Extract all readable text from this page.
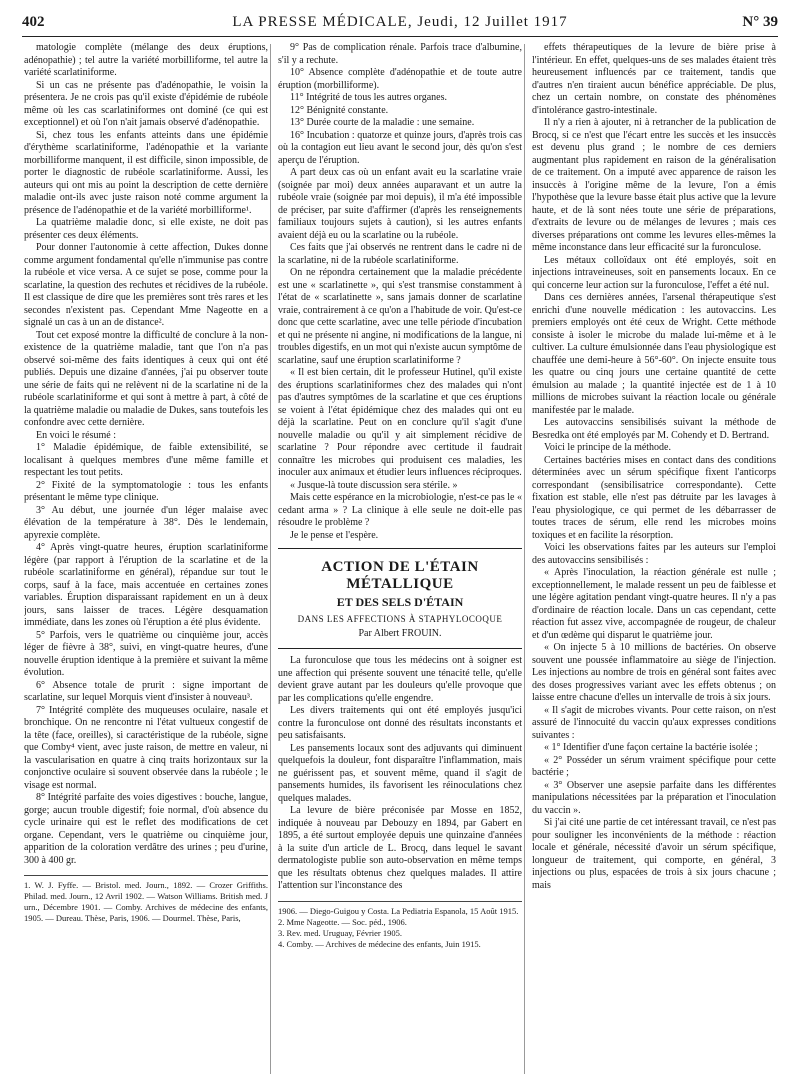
402	LA PRESSE MÉDICALE, Jeudi, 12 Juillet 1917	N° 39

matologie complète (mélange des deux éruptions, adénopathie) ; tel autre la variété morbilliforme, tel autre la variété scarlatiniforme.

Si un cas ne présente pas d'adénopathie, le voisin la présentera. Je ne crois pas qu'il existe d'épidémie de rubéole même où les cas scarlatiniformes ont dominé (ce qui est exceptionnel) et où l'on n'ait jamais observé d'adénopathie.

Si, chez tous les enfants atteints dans une épidémie d'érythème scarlatiniforme, l'adénopathie et la variante morbilliforme manquent, il est difficile, sinon impossible, de porter le diagnostic de rubéole scarlatiniforme. Aussi, les auteurs qui ont mis au point la description de cette dernière maladie ont-ils avec juste raison noté comme argument la présence de l'adénopathie et de la variété morbilliforme¹.

La quatrième maladie donc, si elle existe, ne doit pas présenter ces deux éléments.

Pour donner l'autonomie à cette affection, Dukes donne comme argument fondamental qu'elle n'immunise pas contre la rubéole et vice versa. A ce sujet se pose, comme pour la scarlatine, la question des rechutes et récidives de la rubéole. Il est classique de dire que les premières sont très rares et les secondes n'existent pas. Cependant Mme Nageotte en a signalé un cas à un an de distance².

Tout cet exposé montre la difficulté de conclure à la non-existence de la quatrième maladie, tant que l'on n'a pas observé soi-même des faits identiques à ceux qui ont été publiés. Depuis une dizaine d'années, j'ai pu observer toute une série de faits qui ne relèvent ni de la scarlatine ni de la rubéole scarlatiniforme et qui sont à mettre à part, à côté de la quatrième maladie ou maladie de Dukes, sans toutefois les confondre avec cette dernière.

En voici le résumé :

1° Maladie épidémique, de faible extensibilité, se localisant à quelques membres d'une même famille et respectant les tout petits.

2° Fixité de la symptomatologie : tous les enfants présentant le même type clinique.

3° Au début, une journée d'un léger malaise avec élévation de la température à 38°. Dès le lendemain, apyrexie complète.

4° Après vingt-quatre heures, éruption scarlatiniforme légère (par rapport à l'éruption de la scarlatine et de la rubéole scarlatiniforme en général), répandue sur tout le corps, sauf à la face, mais accentuée en certaines zones variables. Éruption disparaissant rapidement en un à deux jours, sans laisser de traces. Légère desquamation immédiate, dans les zones où l'éruption a été plus évidente.

5° Parfois, vers le quatrième ou cinquième jour, accès léger de fièvre à 38°, suivi, en vingt-quatre heures, d'une nouvelle éruption identique à la première et suivant la même évolution.

6° Absence totale de prurit : signe important de scarlatine, sur lequel Morquis vient d'insister à nouveau³.

7° Intégrité complète des muqueuses oculaire, nasale et bronchique. On ne rencontre ni l'état vultueux congestif de la tête (face, oreilles), si caractéristique de la rubéole, signe que Comby⁴ vient, avec juste raison, de mettre en valeur, ni la vascularisation en quatre à cinq traits horizontaux sur la conjonctive oculaire si souvent observée dans la rubéole ; le visage est normal.

8° Intégrité parfaite des voies digestives : bouche, langue, gorge; aucun trouble digestif; foie normal, d'où absence du cycle urinaire qui est le reflet des modifications de cet organe. Cependant, vers le quatrième ou cinquième jour, apparition de la coloration verdâtre des urines ; peu d'urine, 300 à 400 gr.

1. W. J. Fyffe. — Bristol. med. Journ., 1892. — Crozer Griffiths. Philad. med. Journ., 12 Avril 1902. — Watson Williams. British med. J urn., Décembre 1901. — Comby. Archives de médecine des enfants, 1905. — Dureau. Thèse, Paris, 1906. — Dourmel. Thèse, Paris,

9° Pas de complication rénale. Parfois trace d'albumine, s'il y a rechute.

10° Absence complète d'adénopathie et de toute autre éruption (morbilliforme).

11° Intégrité de tous les autres organes.

12° Bénignité constante.

13° Durée courte de la maladie : une semaine.

16° Incubation : quatorze et quinze jours, d'après trois cas où la contagion eut lieu avant le second jour, dès qu'on s'est aperçu de l'éruption.

A part deux cas où un enfant avait eu la scarlatine vraie (soignée par moi) deux années auparavant et un autre la rubéole vraie (soignée par moi depuis), il m'a été impossible de préciser, par suite d'affirmer (d'après les renseignements familiaux toujours sujets à caution), si les autres enfants avaient déjà eu ou la scarlatine ou la rubéole.

Ces faits que j'ai observés ne rentrent dans le cadre ni de la scarlatine, ni de la rubéole scarlatiniforme.

On ne répondra certainement que la maladie précédente est une « scarlatinette », qui s'est transmise constamment à l'état de « scarlatinette », sans jamais donner de scarlatine vraie, contrairement à ce qu'on a l'habitude de voir. Qu'est-ce donc que cette scarlatine, avec une telle période d'incubation et qui ne présente ni angine, ni modifications de la langue, ni troubles digestifs, en un mot qui n'existe aucun symptôme de scarlatine, sauf une éruption scarlatiniforme ?

« Il est bien certain, dit le professeur Hutinel, qu'il existe des éruptions scarlatiniformes chez des malades qui n'ont pas d'autres symptômes de la scarlatine et que ces éruptions se voient à l'état épidémique chez des malades qui ont eu déjà la scarlatine. Peut on en conclure qu'il s'agit d'une nouvelle maladie ou qu'il y ait simplement récidive de scarlatine ? Pour répondre avec certitude il faudrait connaître les microbes qui produisent ces maladies, les inoculer aux animaux et étudier leurs influences réciproques.

« Jusque-là toute discussion sera stérile. »

Mais cette espérance en la microbiologie, n'est-ce pas le « cedant arma » ? La clinique à elle seule ne doit-elle pas résoudre le problème ?

Je le pense et l'espère.

ACTION DE L'ÉTAIN MÉTALLIQUE
ET DES SELS D'ÉTAIN
DANS LES AFFECTIONS À STAPHYLOCOQUE
Par Albert FROUIN.

La furonculose que tous les médecins ont à soigner est une affection qui présente souvent une ténacité telle, qu'elle devient grave autant par les douleurs qu'elle provoque que par les complications qu'elle engendre.

Les divers traitements qui ont été employés jusqu'ici contre la furonculose ont donné des résultats inconstants et peu satisfaisants.

Les pansements locaux sont des adjuvants qui diminuent quelquefois la douleur, font disparaître l'inflammation, mais ne guérissent pas, et souvent même, quand il s'agit de pansements humides, ils favorisent les réinoculations chez quelques malades.

La levure de bière préconisée par Mosse en 1852, indiquée à nouveau par Debouzy en 1894, par Gabert en 1895, a été surtout employée depuis une quinzaine d'années à la suite d'un article de L. Brocq, dans lequel le savant dermatologiste publie son auto-observation en même temps que les résultats obtenus chez quelques malades. Il attire l'attention sur l'inconstance des

1906. — Diego-Guigou y Costa. La Pediatria Espanola, 15 Août 1915.
2. Mme Nageotte. — Soc. péd., 1906.
3. Rev. med. Uruguay, Février 1905.
4. Comby. — Archives de médecine des enfants, Juin 1915.

effets thérapeutiques de la levure de bière prise à l'intérieur. En effet, quelques-uns de ses malades étaient très heureusement influencés par ce traitement, tandis que d'autres n'en tiraient aucun bénéfice appréciable. De plus, chez un certain nombre, on constate des phénomènes d'intolérance gastro-intestinale.

Il n'y a rien à ajouter, ni à retrancher de la publication de Brocq, si ce n'est que l'écart entre les succès et les insuccès est devenu plus grand ; le nombre de ces derniers augmentant plus rapidement en raison de la généralisation de ce traitement. On a imputé avec apparence de raison les insuccès à l'origine même de la levure, l'on a émis l'hypothèse que la levure basse était plus active que la levure haute, et de là sont nées toute une série de préparations, d'extraits de levure ou de mélanges de levures ; mais ces diverses préparations ont comme les levures elles-mêmes la même inconstance dans leur efficacité sur la furonculose.

Les métaux colloïdaux ont été employés, soit en injections intraveineuses, soit en pansements locaux. En ce qui concerne leur action sur la furonculose, l'effet a été nul.

Dans ces dernières années, l'arsenal thérapeutique s'est enrichi d'une nouvelle médication : les autovaccins. Les premiers employés ont été ceux de Wright. Cette méthode consiste à isoler le microbe du malade lui-même et à le cultiver. La culture émulsionnée dans l'eau physiologique est chauffée une demi-heure à 56°-60°. On injecte ensuite tous les quatre ou cinq jours une certaine quantité de cette émulsion au malade ; la quantité injectée est de 1 à 10 millions de microbes suivant la réaction locale ou générale manifestée par le malade.

Les autovaccins sensibilisés suivant la méthode de Besredka ont été employés par M. Cohendy et D. Bertrand.

Voici le principe de la méthode.

Certaines bactéries mises en contact dans des conditions déterminées avec un sérum spécifique fixent l'anticorps correspondant (sensibilisatrice correspondante). Cette fixation est stable, elle n'est pas détruite par les lavages à l'eau physiologique, ce qui permet de les débarrasser de toutes traces de sérum, elle rend les microbes moins toxiques et en facilite la résorption.

Voici les observations faites par les auteurs sur l'emploi des autovaccins sensibilisés :

« Après l'inoculation, la réaction générale est nulle ; exceptionnellement, le malade ressent un peu de faiblesse et une légère agitation pendant vingt-quatre heures. Il n'y a pas d'ordinaire de réaction locale. Dans un cas cependant, cette réaction fut assez vive, accompagnée de rougeur, de chaleur et d'un œdème qui disparut le quatrième jour.

« On injecte 5 à 10 millions de bactéries. On observe souvent une poussée inflammatoire au siège de l'injection. Les injections au nombre de trois en général sont faites avec des doses progressives variant avec les effets obtenus ; on laisse entre chacune d'elles un intervalle de trois à six jours.

« Il s'agit de microbes vivants. Pour cette raison, on n'est assuré de l'innocuité du vaccin qu'aux expresses conditions suivantes :

« 1° Identifier d'une façon certaine la bactérie isolée ;

« 2° Posséder un sérum vraiment spécifique pour cette bactérie ;

« 3° Observer une asepsie parfaite dans les différentes manipulations nécessitées par la préparation et l'inoculation du vaccin ».

Si j'ai cité une partie de cet intéressant travail, ce n'est pas pour souligner les inconvénients de la méthode : réaction locale et générale, nécessité d'avoir un sérum spécifique, longueur de traitement, qui comporte, en général, 3 injections ou plus, espacées de trois à six jours chacune ; mais
